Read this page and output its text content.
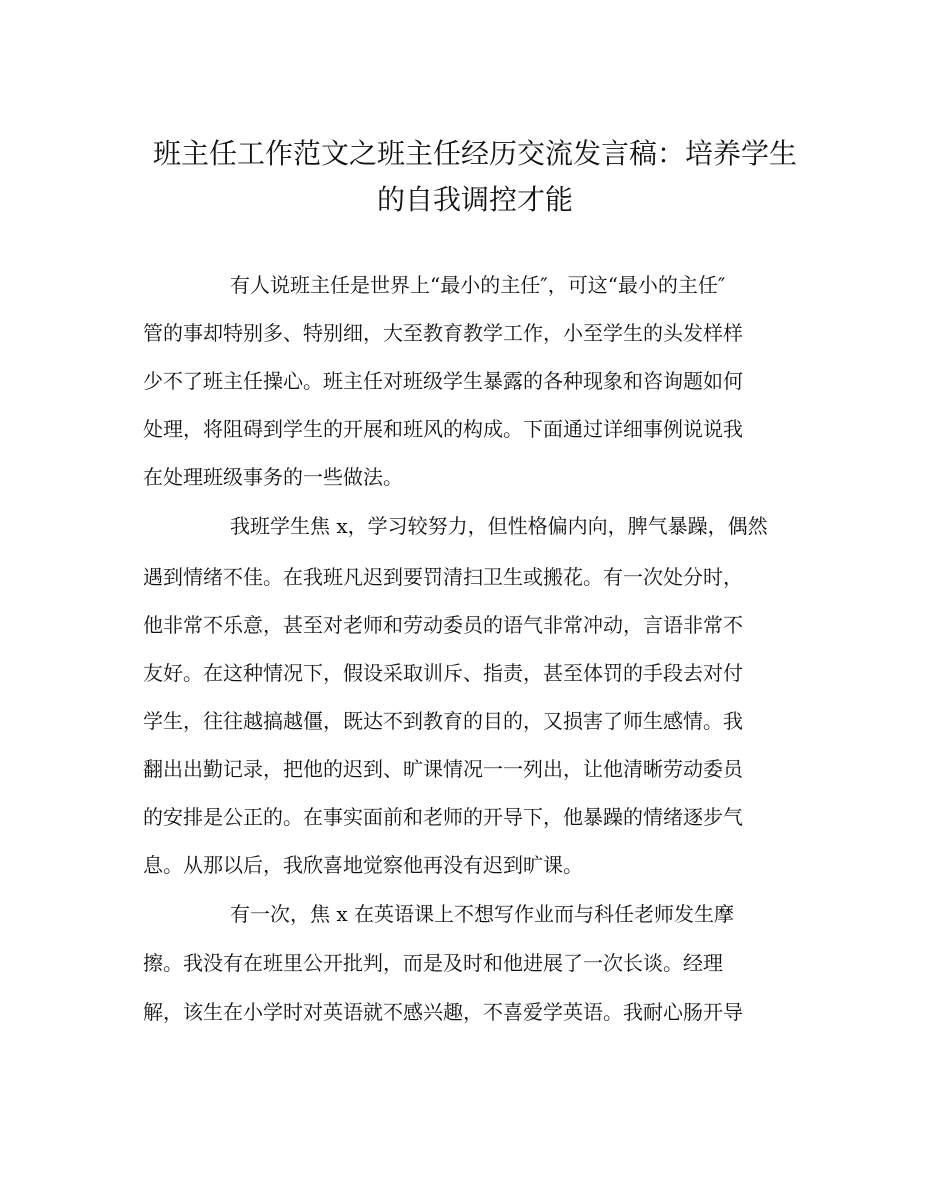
班主任工作范文之班主任经历交流发言稿：培养学生
的自我调控才能

有人说班主任是世界上“最小的主任″，可这“最小的主任″

管的事却特别多、特别细，大至教育教学工作，小至学生的头发样样

少不了班主任操心。班主任对班级学生暴露的各种现象和咨询题如何

处理，将阻碍到学生的开展和班风的构成。下面通过详细事例说说我

在处理班级事务的一些做法。

我班学生焦 x，学习较努力，但性格偏内向，脾气暴躁，偶然

遇到情绪不佳。在我班凡迟到要罚清扫卫生或搬花。有一次处分时，

他非常不乐意，甚至对老师和劳动委员的语气非常冲动，言语非常不

友好。在这种情况下，假设采取训斥、指责，甚至体罚的手段去对付

学生，往往越搞越僵，既达不到教育的目的，又损害了师生感情。我

翻出出勤记录，把他的迟到、旷课情况一一列出，让他清晰劳动委员

的安排是公正的。在事实面前和老师的开导下，他暴躁的情绪逐步气

息。从那以后，我欣喜地觉察他再没有迟到旷课。

有一次，焦 x 在英语课上不想写作业而与科任老师发生摩

擦。我没有在班里公开批判，而是及时和他进展了一次长谈。经理

解，该生在小学时对英语就不感兴趣，不喜爱学英语。我耐心肠开导
